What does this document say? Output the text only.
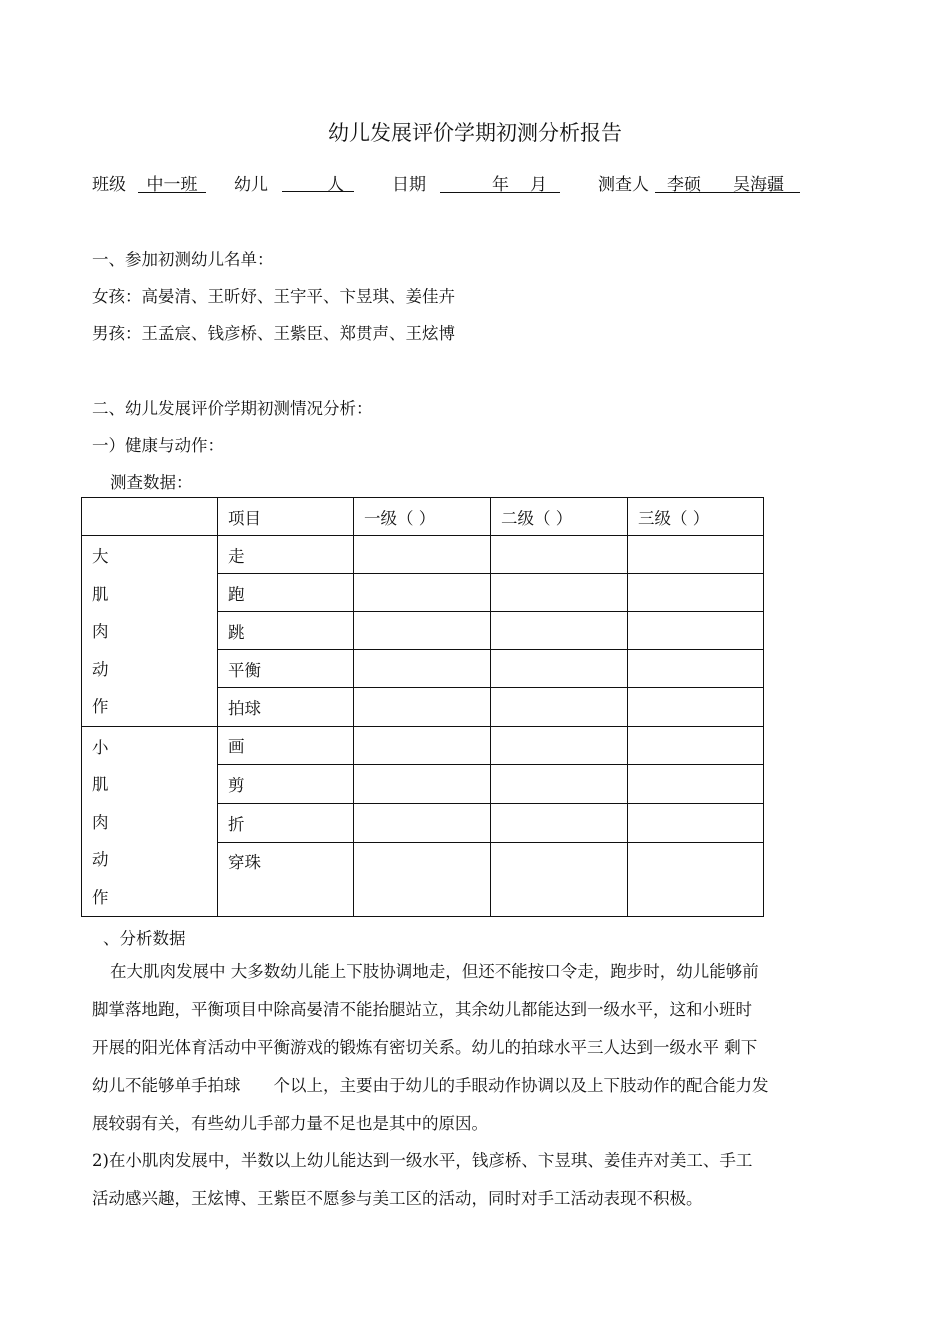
幼儿发展评价学期初测分析报告
班级	中一班	幼儿	人	日期	年 月	测查人 李硕 吴海疆
一、参加初测幼儿名单：
女孩：高晏清、王昕妤、王宇平、卞昱琪、姜佳卉
男孩：王孟宸、钱彦桥、王紫臣、郑贯声、王炫博
二、幼儿发展评价学期初测情况分析：
一）健康与动作：
测查数据：
	项目	一级（ ）	二级（ ）	三级（ ）

大
肌
肉
动
作	走			
	跑			
	跳			
	平衡			
	拍球			

小
肌
肉
动
作	画			
	剪			
	折			
	穿珠			
、分析数据
在大肌肉发展中 大多数幼儿能上下肢协调地走，但还不能按口令走，跑步时，幼儿能够前
脚掌落地跑，平衡项目中除高晏清不能抬腿站立，其余幼儿都能达到一级水平，这和小班时
开展的阳光体育活动中平衡游戏的锻炼有密切关系。幼儿的拍球水平三人达到一级水平 剩下
幼儿不能够单手拍球　　个以上，主要由于幼儿的手眼动作协调以及上下肢动作的配合能力发
展较弱有关，有些幼儿手部力量不足也是其中的原因。
2)在小肌肉发展中，半数以上幼儿能达到一级水平，钱彦桥、卞昱琪、姜佳卉对美工、手工
活动感兴趣，王炫博、王紫臣不愿参与美工区的活动，同时对手工活动表现不积极。
